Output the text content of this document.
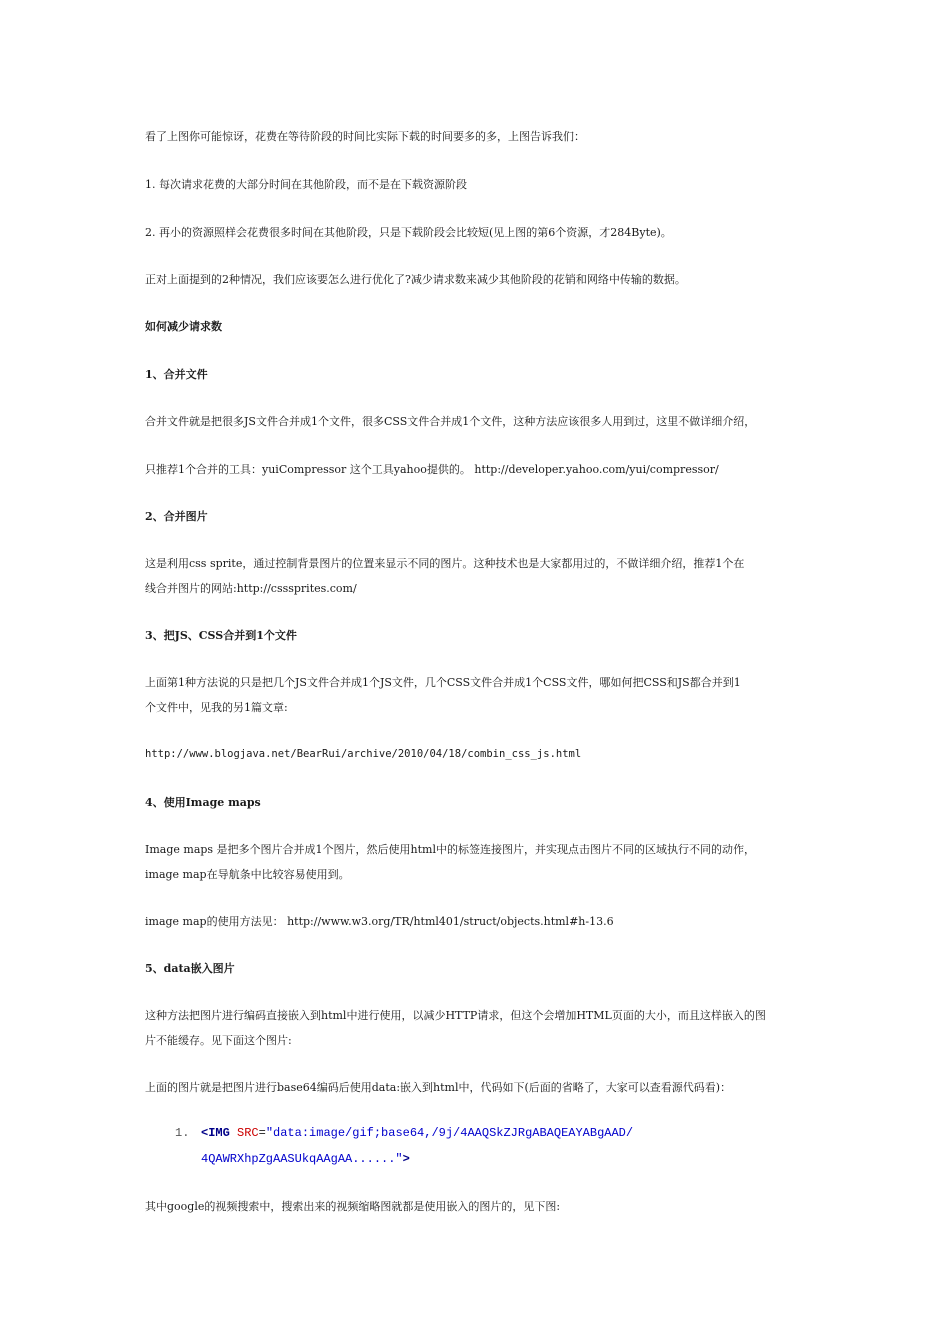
看了上图你可能惊讶，花费在等待阶段的时间比实际下载的时间要多的多，上图告诉我们：
1. 每次请求花费的大部分时间在其他阶段，而不是在下载资源阶段
2. 再小的资源照样会花费很多时间在其他阶段，只是下载阶段会比较短(见上图的第6个资源，才284Byte)。
正对上面提到的2种情况，我们应该要怎么进行优化了?减少请求数来减少其他阶段的花销和网络中传输的数据。
如何减少请求数
1、合并文件
合并文件就是把很多JS文件合并成1个文件，很多CSS文件合并成1个文件，这种方法应该很多人用到过，这里不做详细介绍，
只推荐1个合并的工具：yuiCompressor 这个工具yahoo提供的。 http://developer.yahoo.com/yui/compressor/
2、合并图片
这是利用css sprite，通过控制背景图片的位置来显示不同的图片。这种技术也是大家都用过的，不做详细介绍，推荐1个在
线合并图片的网站:http://csssprites.com/
3、把JS、CSS合并到1个文件
上面第1种方法说的只是把几个JS文件合并成1个JS文件，几个CSS文件合并成1个CSS文件，哪如何把CSS和JS都合并到1
个文件中，见我的另1篇文章:
http://www.blogjava.net/BearRui/archive/2010/04/18/combin_css_js.html
4、使用Image maps
Image maps 是把多个图片合并成1个图片，然后使用html中的标签连接图片，并实现点击图片不同的区域执行不同的动作，
image map在导航条中比较容易使用到。
image map的使用方法见： http://www.w3.org/TR/html401/struct/objects.html#h-13.6
5、data嵌入图片
这种方法把图片进行编码直接嵌入到html中进行使用，以减少HTTP请求，但这个会增加HTML页面的大小，而且这样嵌入的图
片不能缓存。见下面这个图片:
上面的图片就是把图片进行base64编码后使用data:嵌入到html中，代码如下(后面的省略了，大家可以查看源代码看)：
1. <IMG SRC="data:image/gif;base64,/9j/4AAQSkZJRgABAQEAYABgAAD/
4QAWRXhpZgAASUkqAAgAA......">
其中google的视频搜索中，搜索出来的视频缩略图就都是使用嵌入的图片的，见下图:
